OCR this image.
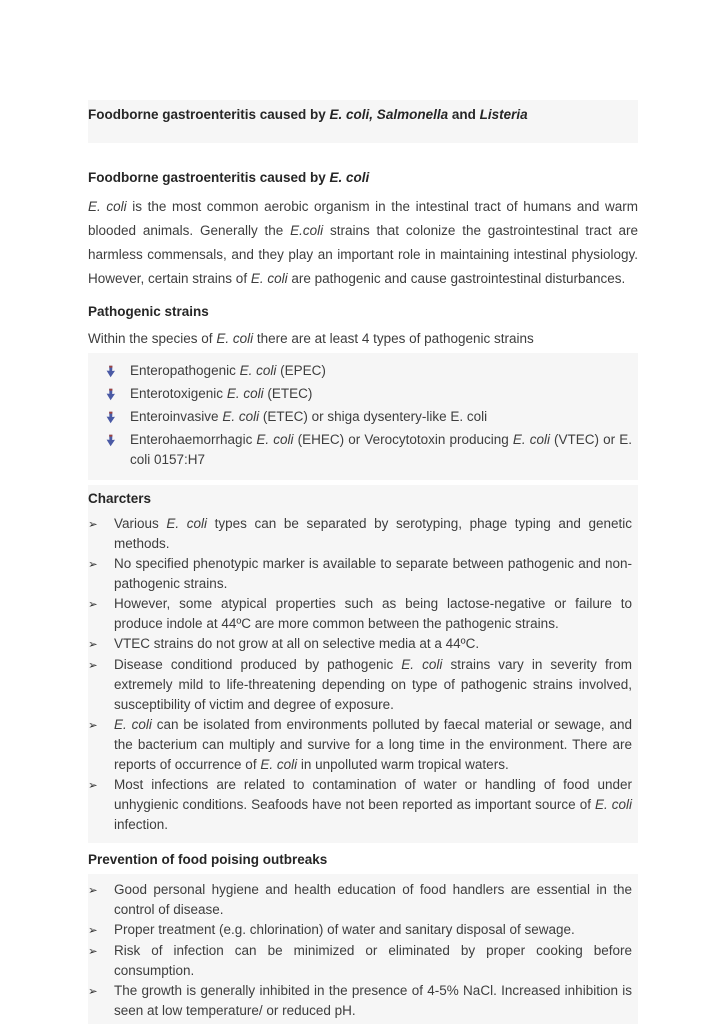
Foodborne gastroenteritis caused by E. coli, Salmonella and Listeria
Foodborne gastroenteritis caused by E. coli

E. coli is the most common aerobic organism in the intestinal tract of humans and warm blooded animals. Generally the E.coli strains that colonize the gastrointestinal tract are harmless commensals, and they play an important role in maintaining intestinal physiology. However, certain strains of E. coli are pathogenic and cause gastrointestinal disturbances.

Pathogenic strains

Within the species of E. coli there are at least 4 types of pathogenic strains

Enteropathogenic E. coli (EPEC)
Enterotoxigenic E. coli (ETEC)
Enteroinvasive E. coli (ETEC) or shiga dysentery-like E. coli
Enterohaemorrhagic E. coli (EHEC) or Verocytotoxin producing E. coli (VTEC) or E. coli 0157:H7
Charcters
➢	Various E. coli types can be separated by serotyping, phage typing and genetic methods.
➢	No specified phenotypic marker is available to separate between pathogenic and non-pathogenic strains.
➢	However, some atypical properties such as being lactose-negative or failure to produce indole at 44ºC are more common between the pathogenic strains.
➢	VTEC strains do not grow at all on selective media at a 44ºC.
➢	Disease conditiond produced by pathogenic E. coli strains vary in severity from extremely mild to life-threatening depending on type of pathogenic strains involved, susceptibility of victim and degree of exposure.
➢	E. coli can be isolated from environments polluted by faecal material or sewage, and the bacterium can multiply and survive for a long time in the environment. There are reports of occurrence of E. coli in unpolluted warm tropical waters.
➢	Most infections are related to contamination of water or handling of food under unhygienic conditions. Seafoods have not been reported as important source of E. coli infection.
Prevention of food poising outbreaks
➢	Good personal hygiene and health education of food handlers are essential in the control of disease.
➢	Proper treatment (e.g. chlorination) of water and sanitary disposal of sewage.
➢	Risk of infection can be minimized or eliminated by proper cooking before consumption.
➢	The growth is generally inhibited in the presence of 4-5% NaCl. Increased inhibition is seen at low temperature/ or reduced pH.
